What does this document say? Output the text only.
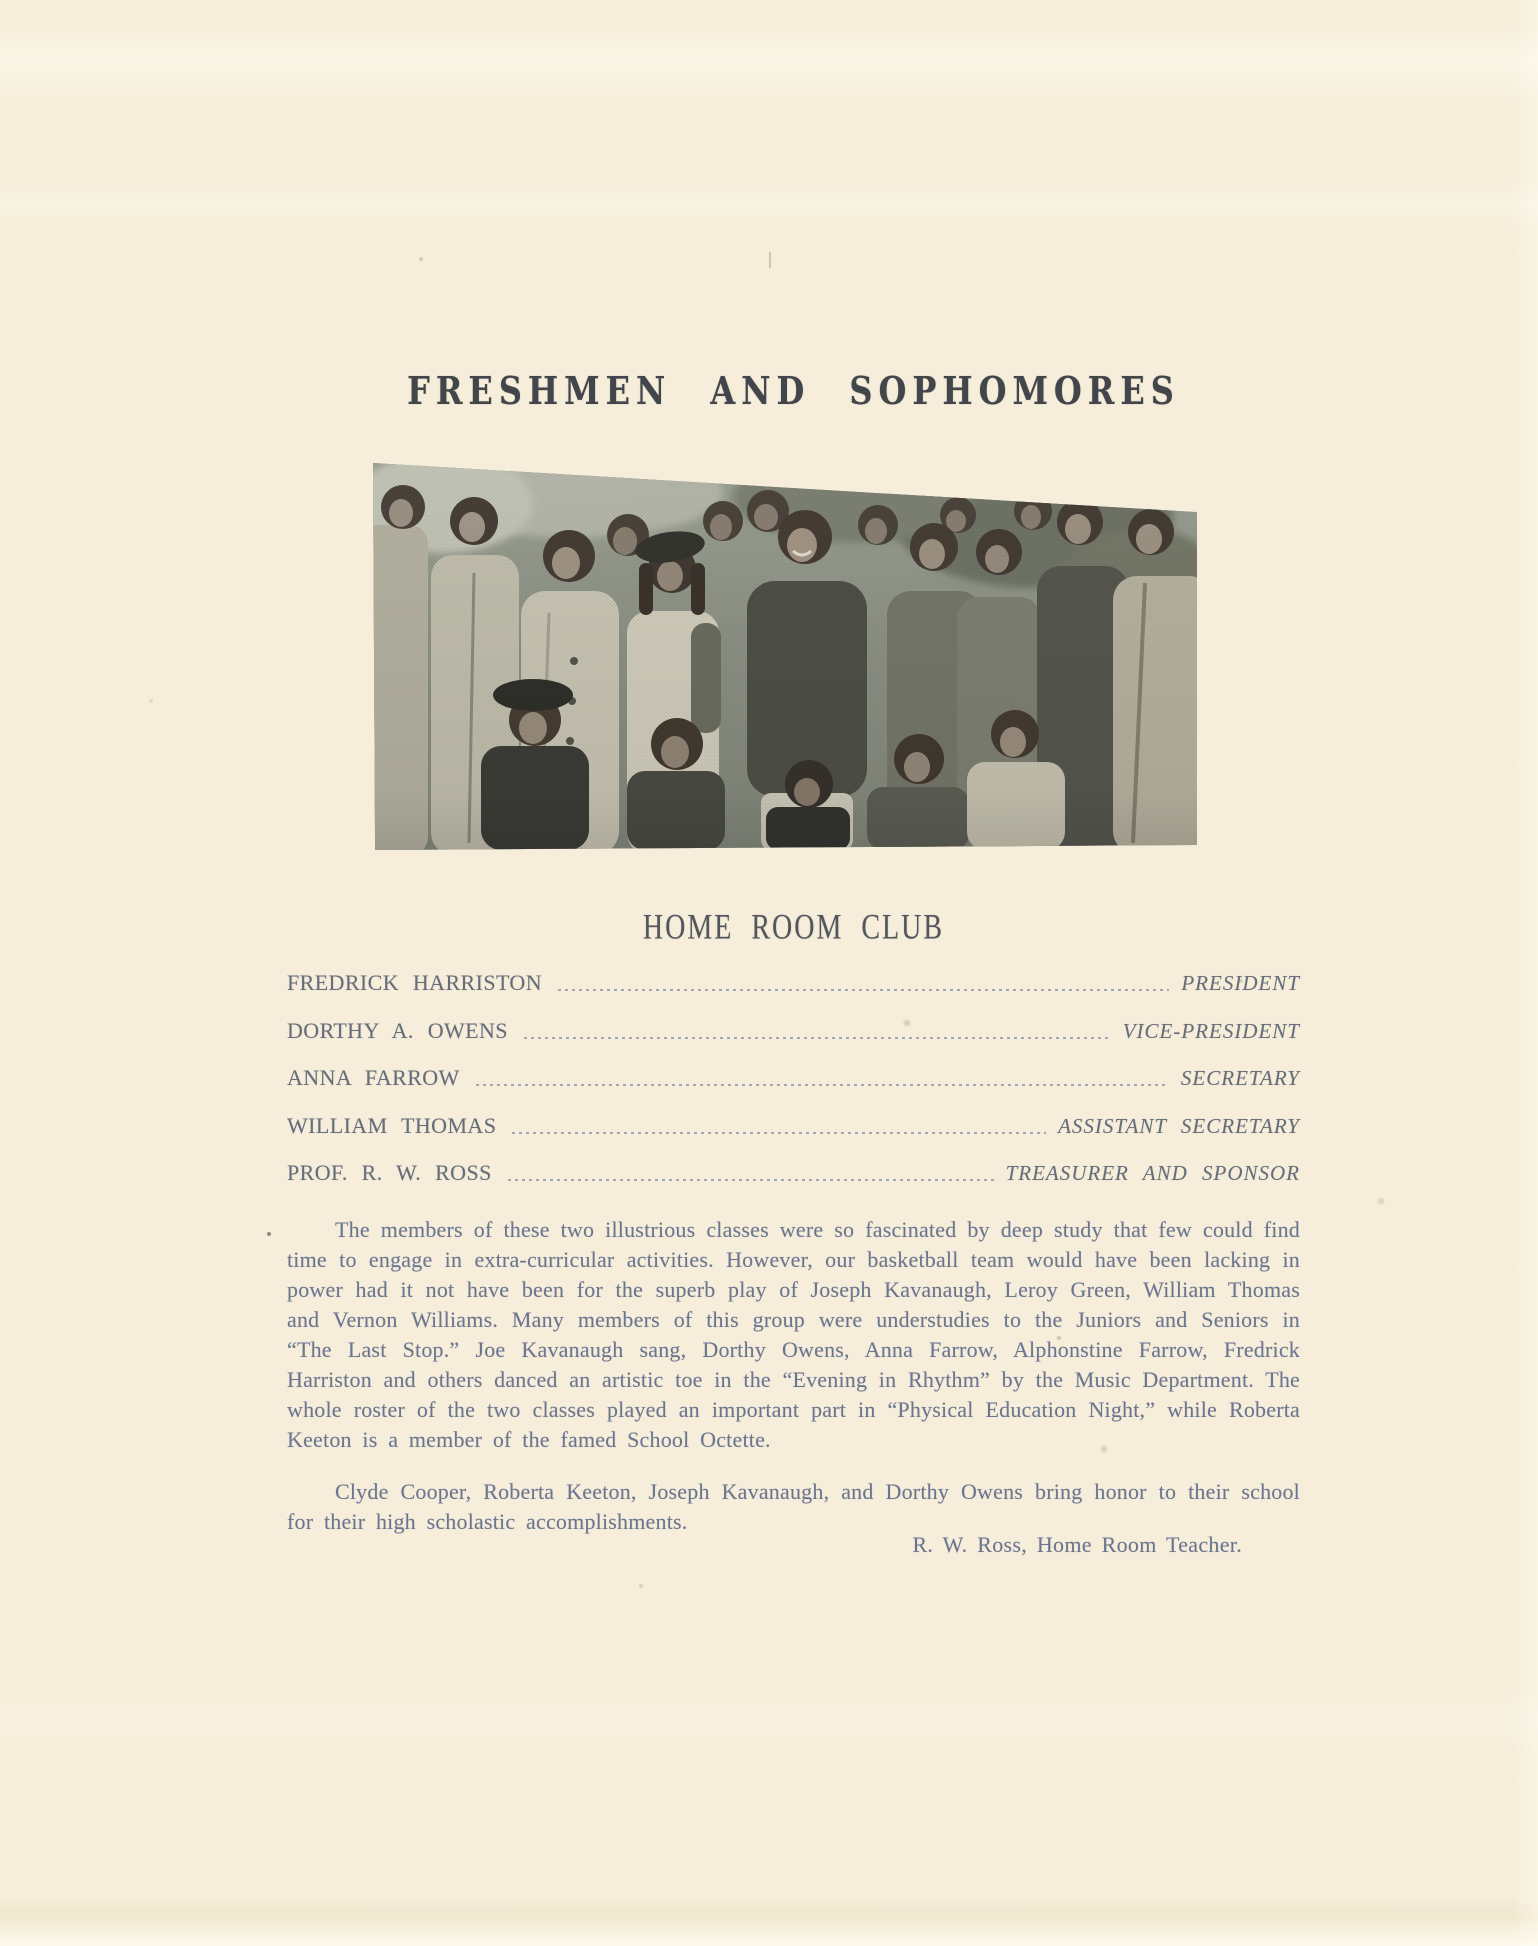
FRESHMEN AND SOPHOMORES
HOME ROOM CLUB
FREDRICK HARRISTON	PRESIDENT
DORTHY A. OWENS	VICE-PRESIDENT
ANNA FARROW	SECRETARY
WILLIAM THOMAS	ASSISTANT SECRETARY
PROF. R. W. ROSS	TREASURER AND SPONSOR

The members of these two illustrious classes were so fascinated by deep study that few could find time to engage in extra-curricular activities. However, our basketball team would have been lacking in power had it not have been for the superb play of Joseph Kavanaugh, Leroy Green, William Thomas and Vernon Williams. Many members of this group were understudies to the Juniors and Seniors in “The Last Stop.” Joe Kavanaugh sang, Dorthy Owens, Anna Farrow, Alphonstine Farrow, Fredrick Harriston and others danced an artistic toe in the “Evening in Rhythm” by the Music Department. The whole roster of the two classes played an important part in “Physical Education Night,” while Roberta Keeton is a member of the famed School Octette.

Clyde Cooper, Roberta Keeton, Joseph Kavanaugh, and Dorthy Owens bring honor to their school for their high scholastic accomplishments.

R. W. Ross, Home Room Teacher.
